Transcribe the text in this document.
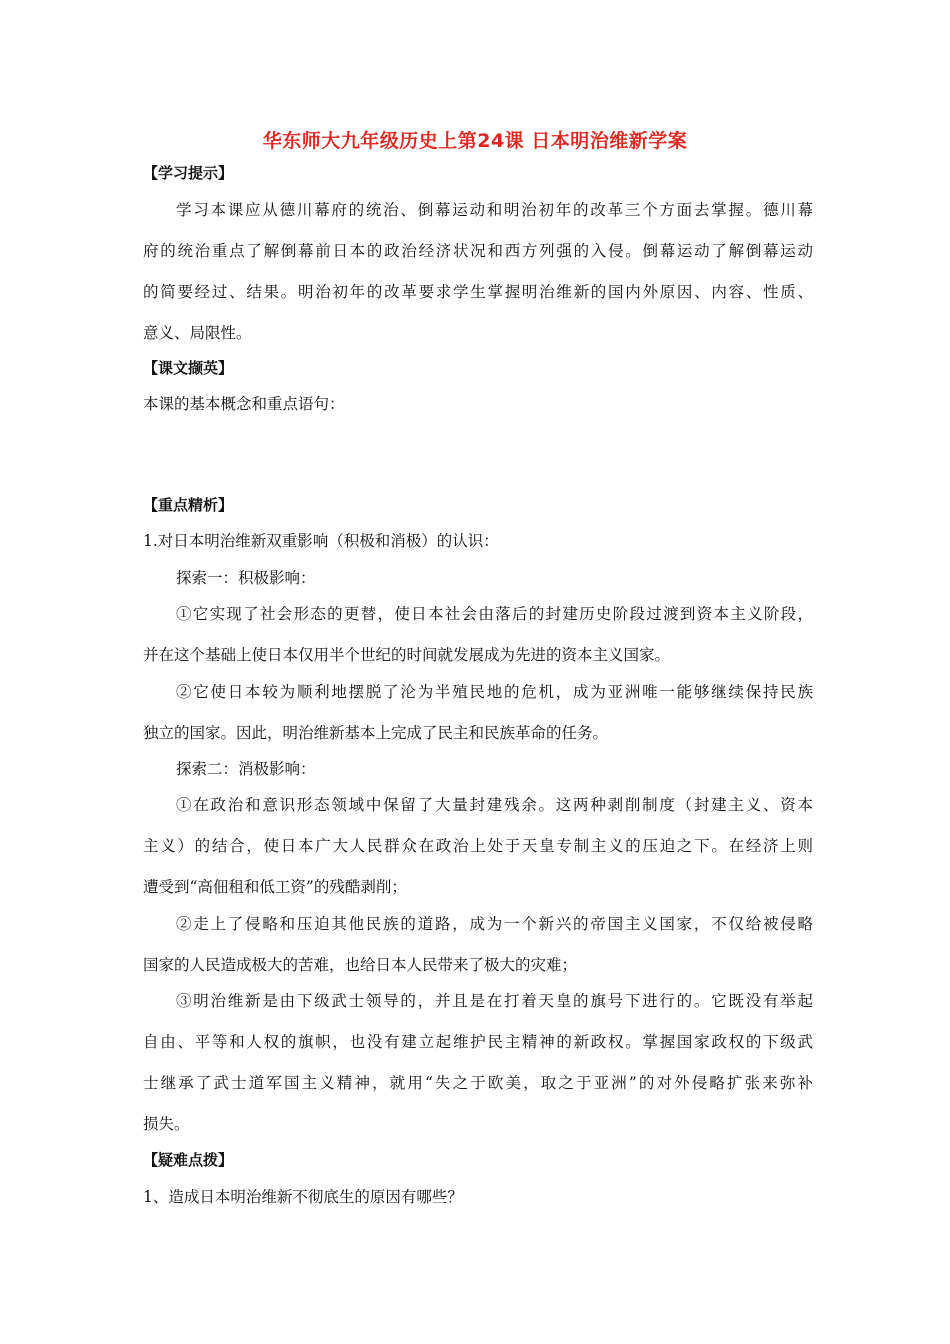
华东师大九年级历史上第24课 日本明治维新学案
【学习提示】
学习本课应从德川幕府的统治、倒幕运动和明治初年的改革三个方面去掌握。德川幕
府的统治重点了解倒幕前日本的政治经济状况和西方列强的入侵。倒幕运动了解倒幕运动
的简要经过、结果。明治初年的改革要求学生掌握明治维新的国内外原因、内容、性质、
意义、局限性。
【课文撷英】
本课的基本概念和重点语句：
【重点精析】
1.对日本明治维新双重影响（积极和消极）的认识：
探索一：积极影响：
①它实现了社会形态的更替，使日本社会由落后的封建历史阶段过渡到资本主义阶段，
并在这个基础上使日本仅用半个世纪的时间就发展成为先进的资本主义国家。
②它使日本较为顺利地摆脱了沦为半殖民地的危机，成为亚洲唯一能够继续保持民族
独立的国家。因此，明治维新基本上完成了民主和民族革命的任务。
探索二：消极影响：
①在政治和意识形态领域中保留了大量封建残余。这两种剥削制度（封建主义、资本
主义）的结合，使日本广大人民群众在政治上处于天皇专制主义的压迫之下。在经济上则
遭受到“高佃租和低工资”的残酷剥削；
②走上了侵略和压迫其他民族的道路，成为一个新兴的帝国主义国家，不仅给被侵略
国家的人民造成极大的苦难，也给日本人民带来了极大的灾难；
③明治维新是由下级武士领导的，并且是在打着天皇的旗号下进行的。它既没有举起
自由、平等和人权的旗帜，也没有建立起维护民主精神的新政权。掌握国家政权的下级武
士继承了武士道军国主义精神，就用“失之于欧美，取之于亚洲”的对外侵略扩张来弥补
损失。
【疑难点拨】
1、造成日本明治维新不彻底生的原因有哪些？
